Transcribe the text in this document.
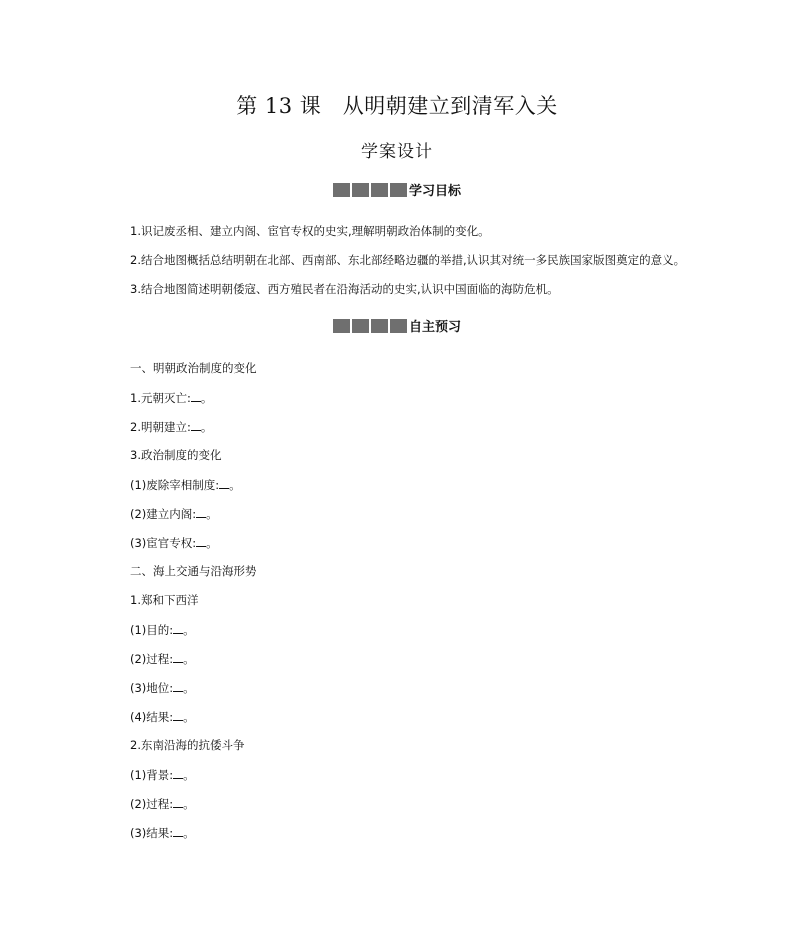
第 13 课　从明朝建立到清军入关
学案设计
学习目标
1.识记废丞相、建立内阁、宦官专权的史实,理解明朝政治体制的变化。
2.结合地图概括总结明朝在北部、西南部、东北部经略边疆的举措,认识其对统一多民族国家版图奠定的意义。
3.结合地图简述明朝倭寇、西方殖民者在沿海活动的史实,认识中国面临的海防危机。
自主预习
一、明朝政治制度的变化
1.元朝灭亡: 。
2.明朝建立: 。
3.政治制度的变化
(1)废除宰相制度: 。
(2)建立内阁: 。
(3)宦官专权: 。
二、海上交通与沿海形势
1.郑和下西洋
(1)目的: 。
(2)过程: 。
(3)地位: 。
(4)结果: 。
2.东南沿海的抗倭斗争
(1)背景: 。
(2)过程: 。
(3)结果: 。
